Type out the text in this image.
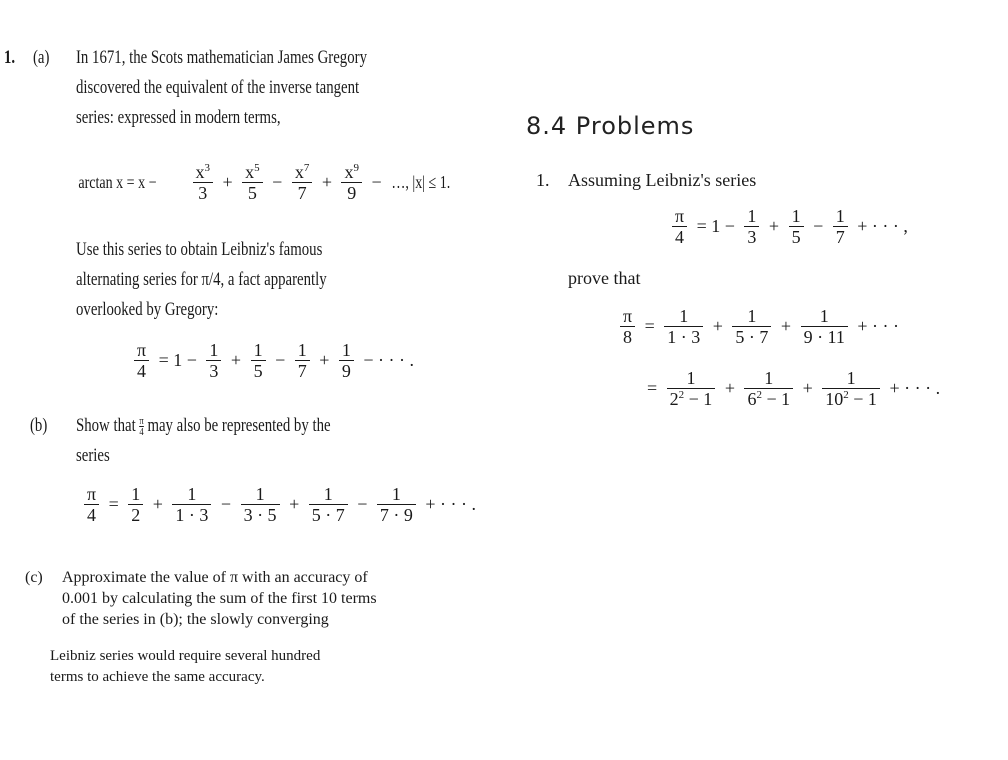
1. (a) In 1671, the Scots mathematician James Gregory
discovered the equivalent of the inverse tangent
series: expressed in modern terms,
$\arctan x = x - \frac{x^3}{3} + \frac{x^5}{5} - \frac{x^7}{7} + \frac{x^9}{9}$ − …, |x| ≤ 1.
Use this series to obtain Leibniz's famous
alternating series for π/4, a fact apparently
overlooked by Gregory:
$\frac{\pi}{4} = 1 - \frac{1}{3} + \frac{1}{5} - \frac{1}{7} + \frac{1}{9}$ − · · · .
(b) Show that $\frac{\pi}{4}$ may also be represented by the
series
$\frac{\pi}{4} = \frac{1}{2} + \frac{1}{1 \cdot 3} - \frac{1}{3 \cdot 5} + \frac{1}{5 \cdot 7} - \frac{1}{7 \cdot 9}$ + · · · .
(c) Approximate the value of π with an accuracy of
0.001 by calculating the sum of the first 10 terms
of the series in (b); the slowly converging
Leibniz series would require several hundred
terms to achieve the same accuracy.
8.4 Problems
1. Assuming Leibniz's series
$\frac{\pi}{4} = 1 - \frac{1}{3} + \frac{1}{5} - \frac{1}{7}$ + · · · ,
prove that
$\frac{\pi}{8} = \frac{1}{1 \cdot 3} + \frac{1}{5 \cdot 7} + \frac{1}{9 \cdot 11}$ + · · ·
= $\frac{1}{2^2 - 1} + \frac{1}{6^2 - 1} + \frac{1}{10^2 - 1}$ + · · · .
